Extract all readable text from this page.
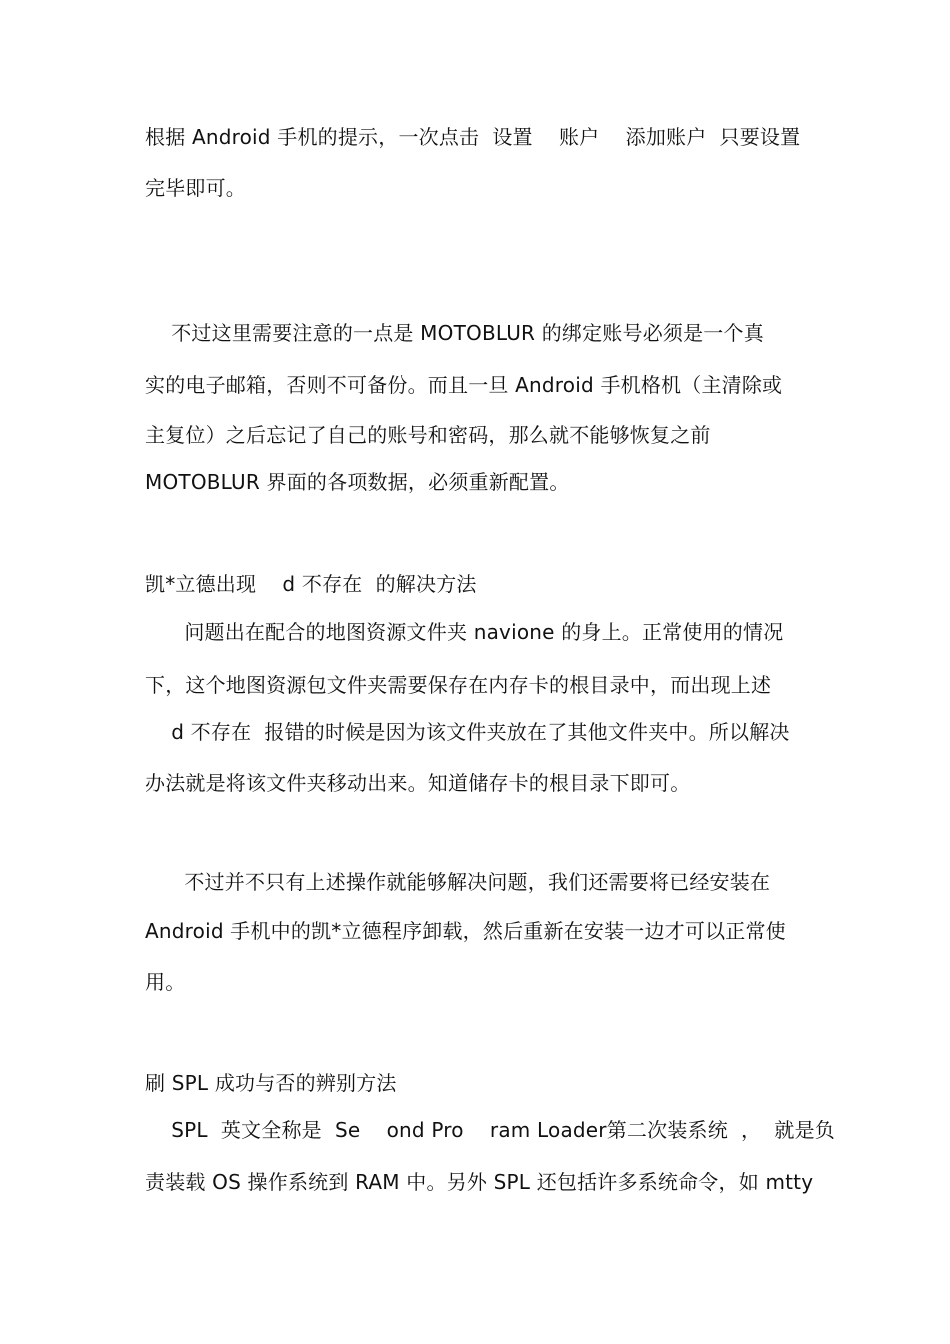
根据 Android 手机的提示，一次点击  设置    账户    添加账户  只要设置
完毕即可。
不过这里需要注意的一点是 MOTOBLUR 的绑定账号必须是一个真
实的电子邮箱，否则不可备份。而且一旦 Android 手机格机（主清除或
主复位）之后忘记了自己的账号和密码，那么就不能够恢复之前
MOTOBLUR 界面的各项数据，必须重新配置。
凯*立德出现    d 不存在  的解决方法
问题出在配合的地图资源文件夹 navione 的身上。正常使用的情况
下，这个地图资源包文件夹需要保存在内存卡的根目录中，而出现上述
d 不存在  报错的时候是因为该文件夹放在了其他文件夹中。所以解决
办法就是将该文件夹移动出来。知道储存卡的根目录下即可。
不过并不只有上述操作就能够解决问题，我们还需要将已经安装在
Android 手机中的凯*立德程序卸载，然后重新在安装一边才可以正常使
用。
刷 SPL 成功与否的辨别方法
SPL  英文全称是  Se    ond Pro    ram Loader第二次装系统  ，  就是负
责装载 OS 操作系统到 RAM 中。另外 SPL 还包括许多系统命令，如 mtty
